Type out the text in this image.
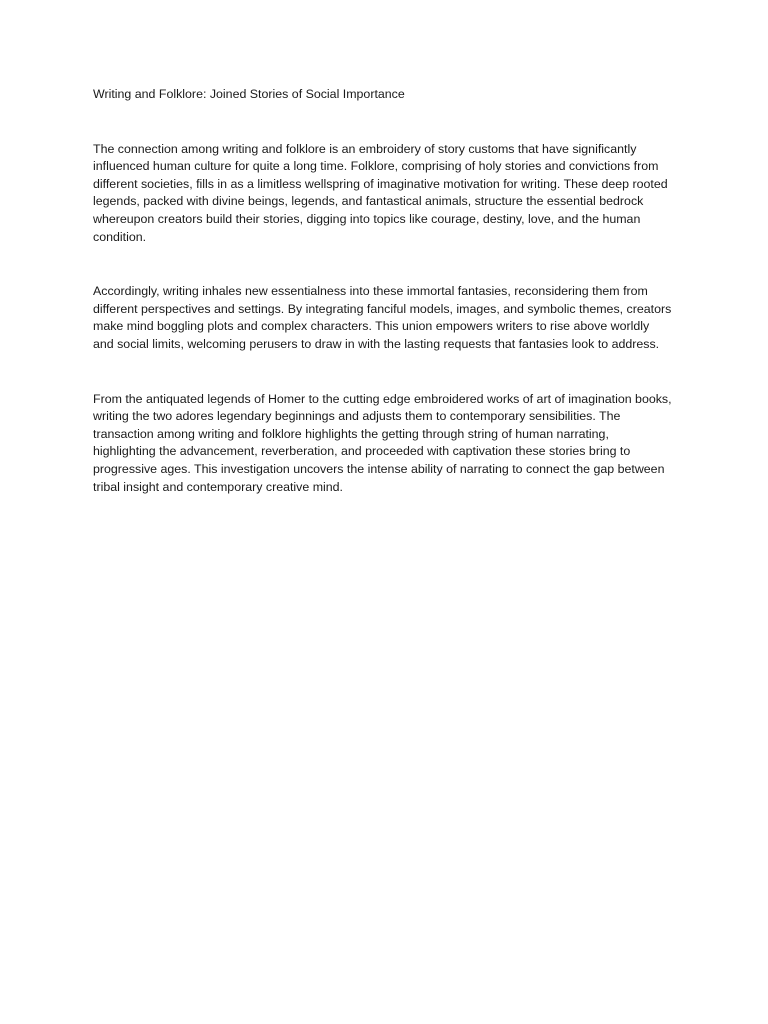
Writing and Folklore: Joined Stories of Social Importance

The connection among writing and folklore is an embroidery of story customs that have significantly influenced human culture for quite a long time. Folklore, comprising of holy stories and convictions from different societies, fills in as a limitless wellspring of imaginative motivation for writing. These deep rooted legends, packed with divine beings, legends, and fantastical animals, structure the essential bedrock whereupon creators build their stories, digging into topics like courage, destiny, love, and the human condition.

Accordingly, writing inhales new essentialness into these immortal fantasies, reconsidering them from different perspectives and settings. By integrating fanciful models, images, and symbolic themes, creators make mind boggling plots and complex characters. This union empowers writers to rise above worldly and social limits, welcoming perusers to draw in with the lasting requests that fantasies look to address.

From the antiquated legends of Homer to the cutting edge embroidered works of art of imagination books, writing the two adores legendary beginnings and adjusts them to contemporary sensibilities. The transaction among writing and folklore highlights the getting through string of human narrating, highlighting the advancement, reverberation, and proceeded with captivation these stories bring to progressive ages. This investigation uncovers the intense ability of narrating to connect the gap between tribal insight and contemporary creative mind.
